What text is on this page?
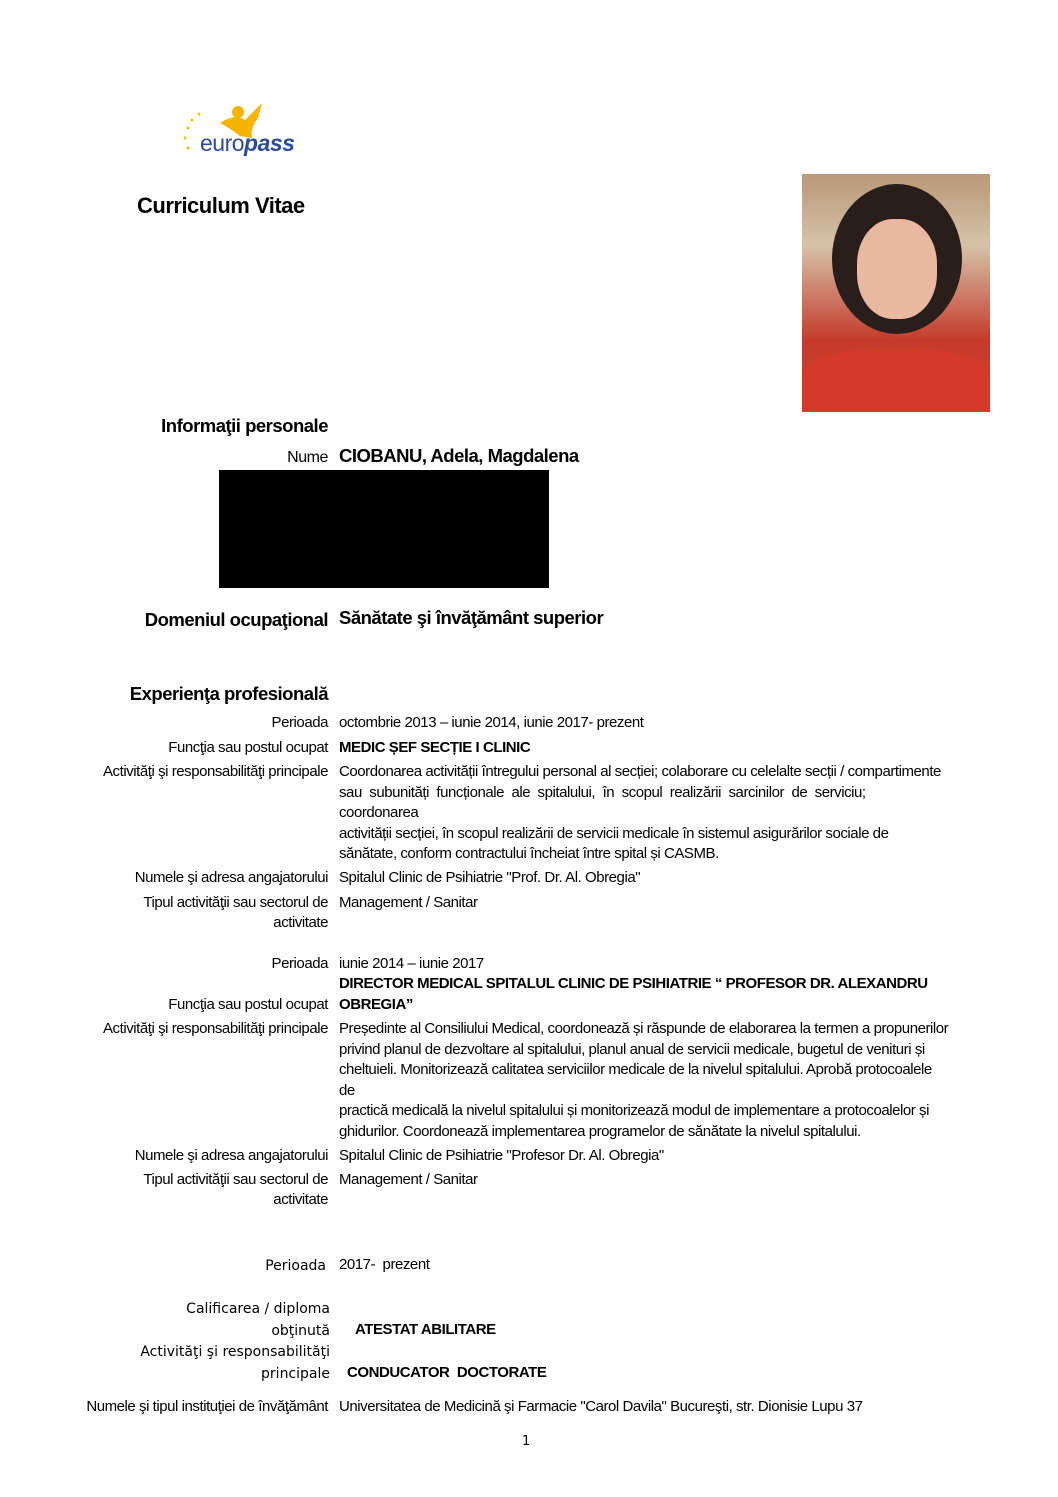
europass
Curriculum Vitae
Informaţii personale
Nume CIOBANU, Adela, Magdalena
Domeniul ocupaţional Sănătate şi învăţământ superior
Experienţa profesională
Perioada octombrie 2013 – iunie 2014, iunie 2017- prezent
Funcţia sau postul ocupat MEDIC ȘEF SECȚIE I CLINIC
Activităţi şi responsabilităţi principale Coordonarea activității întregului personal al secției; colaborare cu celelalte secții / compartimente
sau  subunități  funcționale  ale  spitalului,  în  scopul  realizării  sarcinilor  de  serviciu;
coordonarea
activității secției, în scopul realizării de servicii medicale în sistemul asigurărilor sociale de
sănătate, conform contractului încheiat între spital și CASMB.
Numele şi adresa angajatorului Spitalul Clinic de Psihiatrie "Prof. Dr. Al. Obregia"
Tipul activităţii sau sectorul de
activitate
Management / Sanitar
Perioada iunie 2014 – iunie 2017
Funcţia sau postul ocupat
DIRECTOR MEDICAL SPITALUL CLINIC DE PSIHIATRIE “ PROFESOR DR. ALEXANDRU
OBREGIA”
Activităţi şi responsabilităţi principale Președinte al Consiliului Medical, coordonează și răspunde de elaborarea la termen a propunerilor
privind planul de dezvoltare al spitalului, planul anual de servicii medicale, bugetul de venituri și
cheltuieli. Monitorizează calitatea serviciilor medicale de la nivelul spitalului. Aprobă protocoalele
de
practică medicală la nivelul spitalului și monitorizează modul de implementare a protocoalelor și
ghidurilor. Coordonează implementarea programelor de sănătate la nivelul spitalului.
Numele şi adresa angajatorului Spitalul Clinic de Psihiatrie "Profesor Dr. Al. Obregia"
Tipul activităţii sau sectorul de
activitate
Management / Sanitar
Perioada 2017-  prezent
Calificarea / diploma
obţinută ATESTAT ABILITARE
Activităţi şi responsabilităţi
principale CONDUCATOR  DOCTORATE
Numele şi tipul instituţiei de învăţământ Universitatea de Medicină şi Farmacie "Carol Davila" Bucureşti, str. Dionisie Lupu 37
1
